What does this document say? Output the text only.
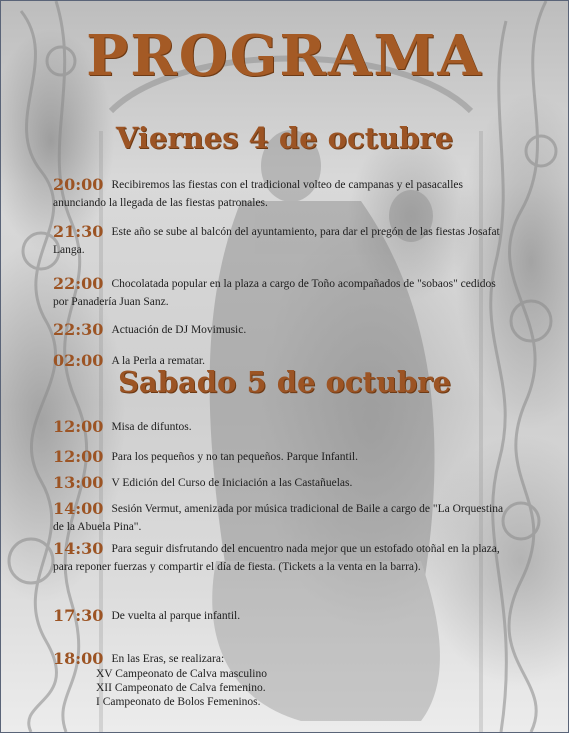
PROGRAMA
Viernes 4 de octubre
20:00 Recibiremos las fiestas con el tradicional volteo de campanas y el pasacalles anunciando la llegada de las fiestas patronales.
21:30 Este año se sube al balcón del ayuntamiento, para dar el pregón de las fiestas Josafat Langa.
22:00 Chocolatada popular en la plaza a cargo de Toño acompañados de "sobaos" cedidos por Panadería Juan Sanz.
22:30 Actuación de DJ Movimusic.
02:00 A la Perla a rematar.
Sabado 5 de octubre
12:00 Misa de difuntos.
12:00 Para los pequeños y no tan pequeños. Parque Infantil.
13:00 V Edición del Curso de Iniciación a las Castañuelas.
14:00 Sesión Vermut, amenizada por música tradicional de Baile a cargo de "La Orquestina de la Abuela Pina".
14:30 Para seguir disfrutando del encuentro nada mejor que un estofado otoñal en la plaza, para reponer fuerzas y compartir el día de fiesta. (Tickets a la venta en la barra).
17:30 De vuelta al parque infantil.
18:00 En las Eras, se realizara:
XV Campeonato de Calva masculino
XII Campeonato de Calva femenino.
I Campeonato de Bolos Femeninos.
